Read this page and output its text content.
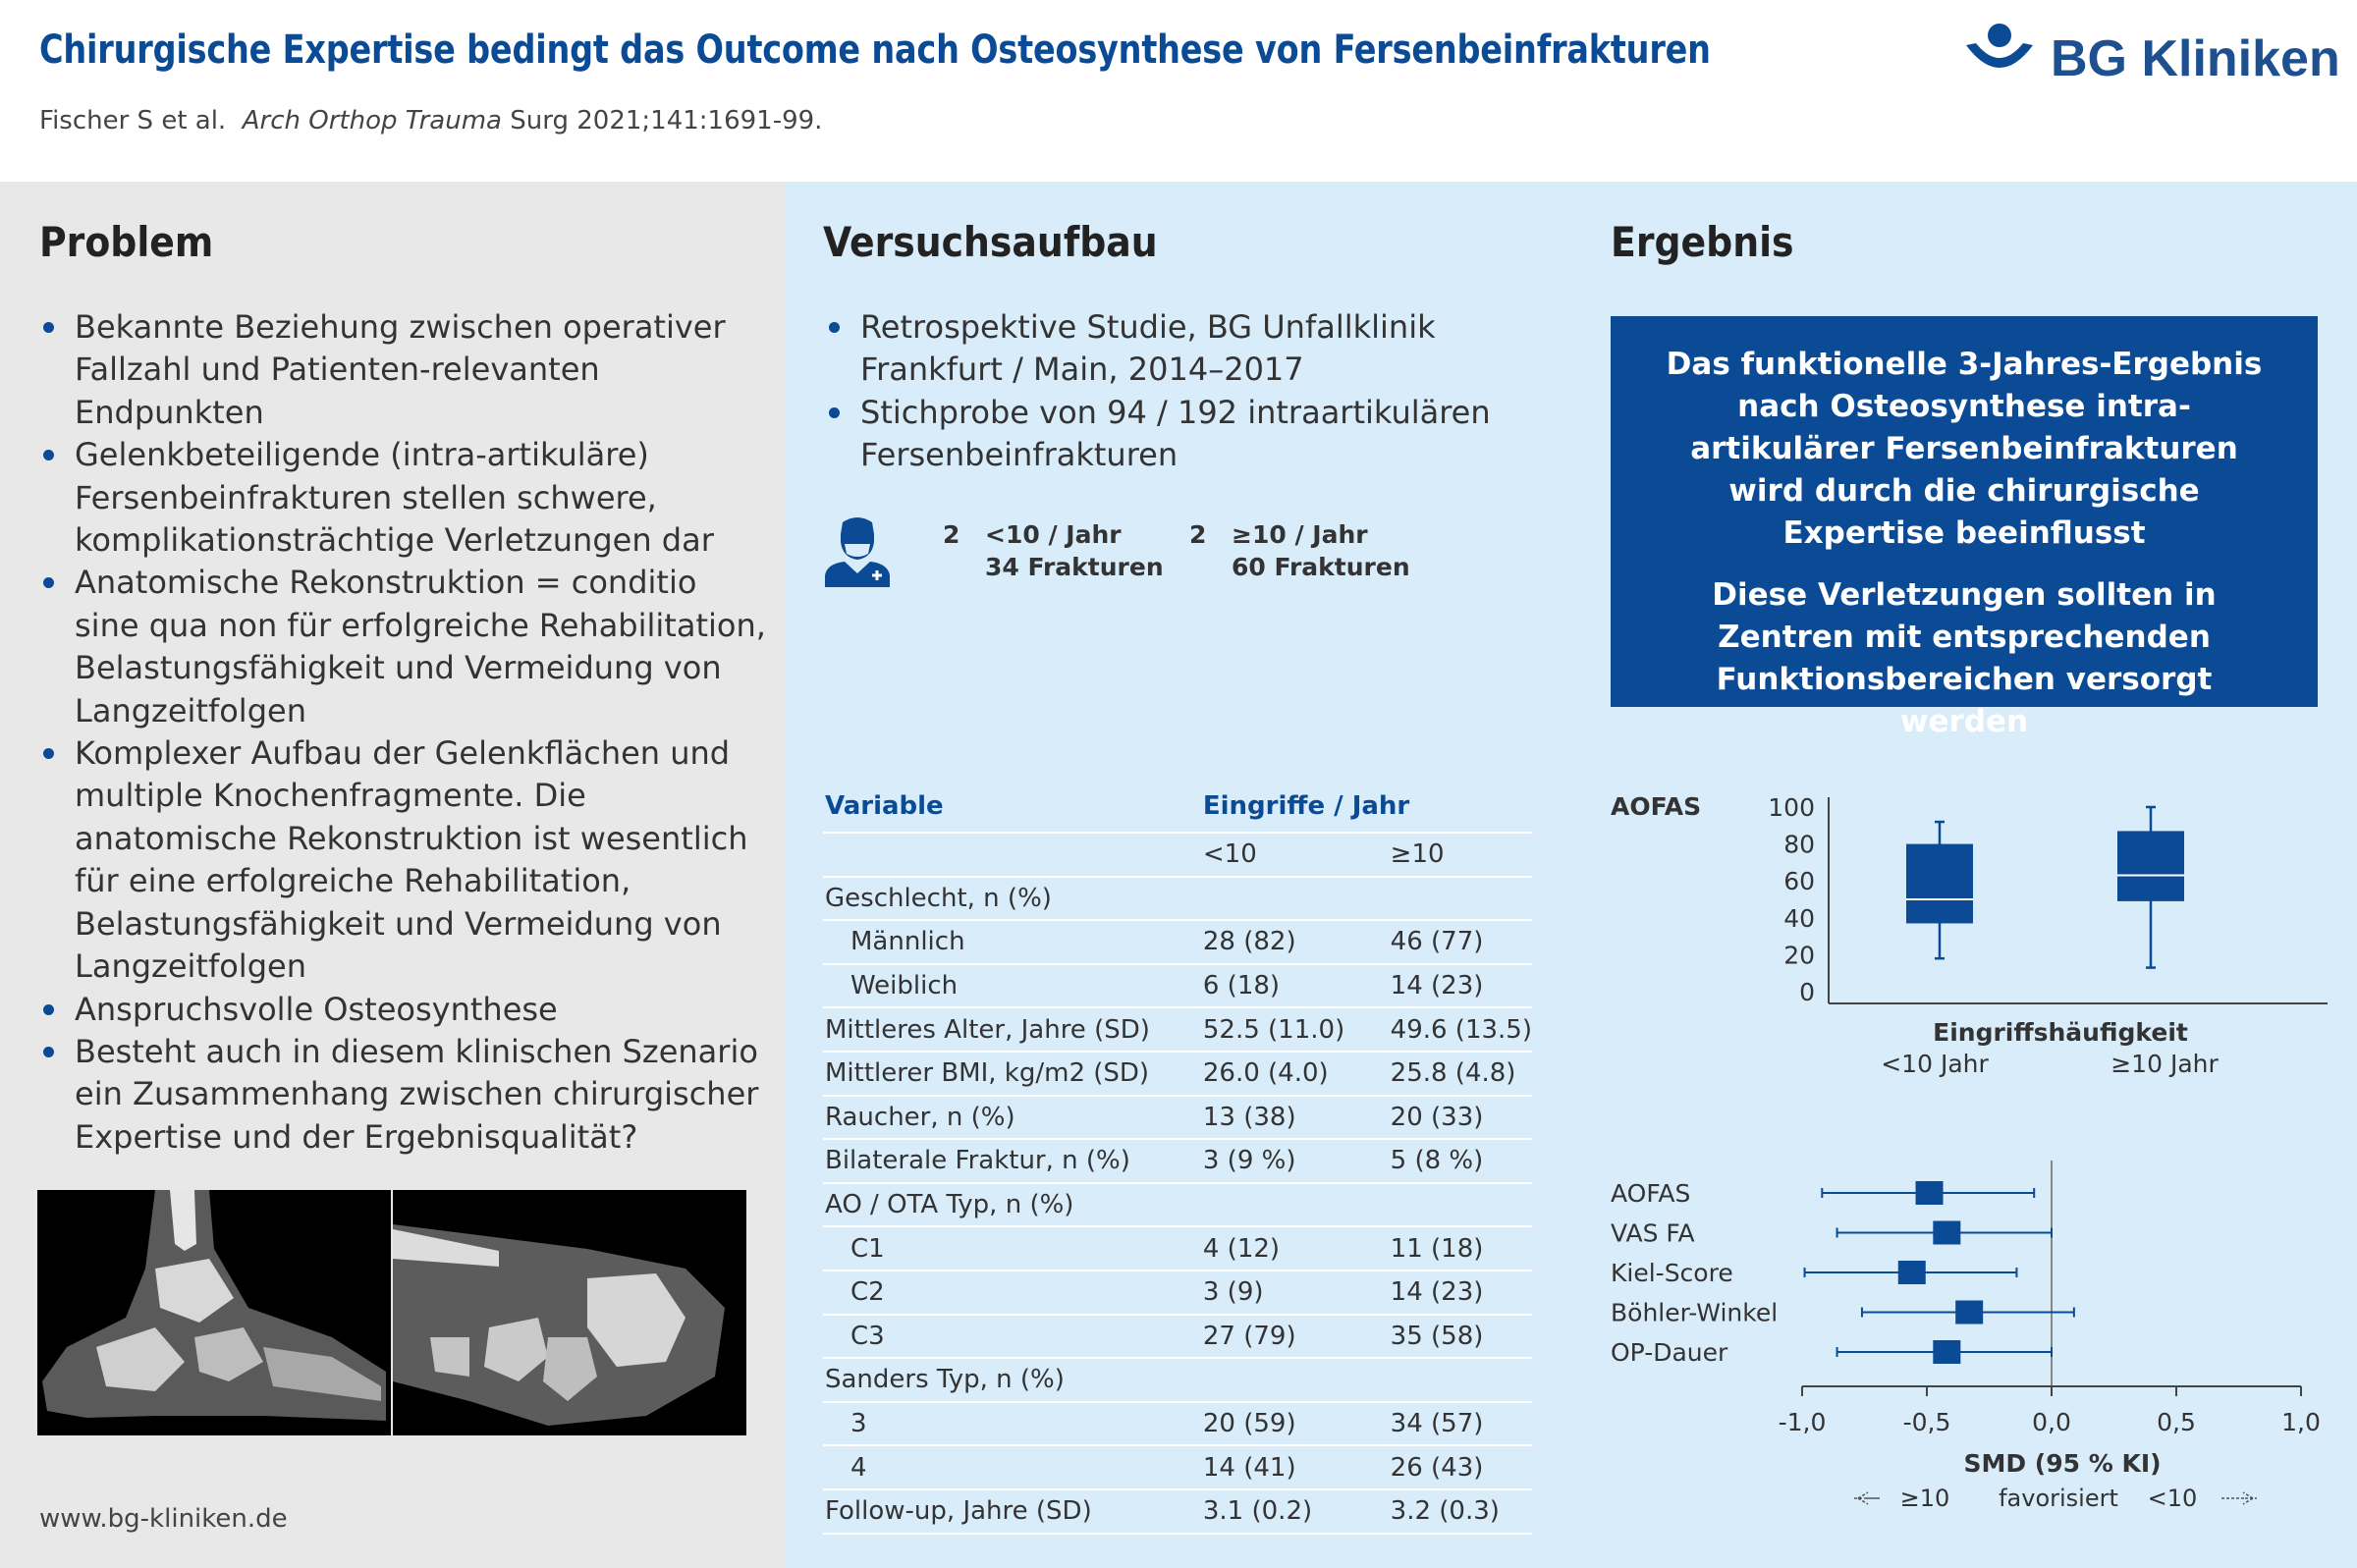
Chirurgische Expertise bedingt das Outcome nach Osteosynthese von Fersenbeinfrakturen
Fischer S et al. Arch Orthop Trauma Surg 2021;141:1691-99.
BG Kliniken
Problem
Bekannte Beziehung zwischen operativer Fallzahl und Patienten-relevanten Endpunkten
Gelenkbeteiligende (intra-artikuläre) Fersenbeinfrakturen stellen schwere, komplikationsträchtige Verletzungen dar
Anatomische Rekonstruktion = conditio sine qua non für erfolgreiche Rehabilitation, Belastungsfähigkeit und Vermeidung von Langzeitfolgen
Komplexer Aufbau der Gelenkflächen und multiple Knochenfragmente. Die anatomische Rekonstruktion ist wesentlich für eine erfolgreiche Rehabilitation, Belastungsfähigkeit und Vermeidung von Langzeitfolgen
Anspruchsvolle Osteosynthese
Besteht auch in diesem klinischen Szenario ein Zusammenhang zwischen chirurgischer Expertise und der Ergebnisqualität?
www.bg-kliniken.de
Versuchsaufbau
Retrospektive Studie, BG Unfallklinik Frankfurt / Main, 2014–2017
Stichprobe von 94 / 192 intraartikulären Fersenbeinfrakturen
2 <10 / Jahr
34 Frakturen
2 ≥10 / Jahr
60 Frakturen
Variable	Eingriffe / Jahr	
	<10	≥10
Geschlecht, n (%)		
Männlich	28 (82)	46 (77)
Weiblich	6 (18)	14 (23)
Mittleres Alter, Jahre (SD)	52.5 (11.0)	49.6 (13.5)
Mittlerer BMI, kg/m2 (SD)	26.0 (4.0)	25.8 (4.8)
Raucher, n (%)	13 (38)	20 (33)
Bilaterale Fraktur, n (%)	3 (9 %)	5 (8 %)
AO / OTA Typ, n (%)		
C1	4 (12)	11 (18)
C2	3 (9)	14 (23)
C3	27 (79)	35 (58)
Sanders Typ, n (%)		
3	20 (59)	34 (57)
4	14 (41)	26 (43)
Follow-up, Jahre (SD)	3.1 (0.2)	3.2 (0.3)
Ergebnis

Das funktionelle 3-Jahres-Ergebnis nach Osteosynthese intra-artikulärer Fersenbeinfrakturen wird durch die chirurgische Expertise beeinflusst

Diese Verletzungen sollten in Zentren mit entsprechenden Funktionsbereichen versorgt werden

AOFAS
0
20
40
60
80
100
<10 Jahr	≥10 Jahr
Eingriffshäufigkeit
-1,0	-0,5	0,0	0,5	1,0
AOFAS
VAS FA
Kiel-Score
Böhler-Winkel
OP-Dauer
SMD (95 % KI)
≥10 favorisiert <10
